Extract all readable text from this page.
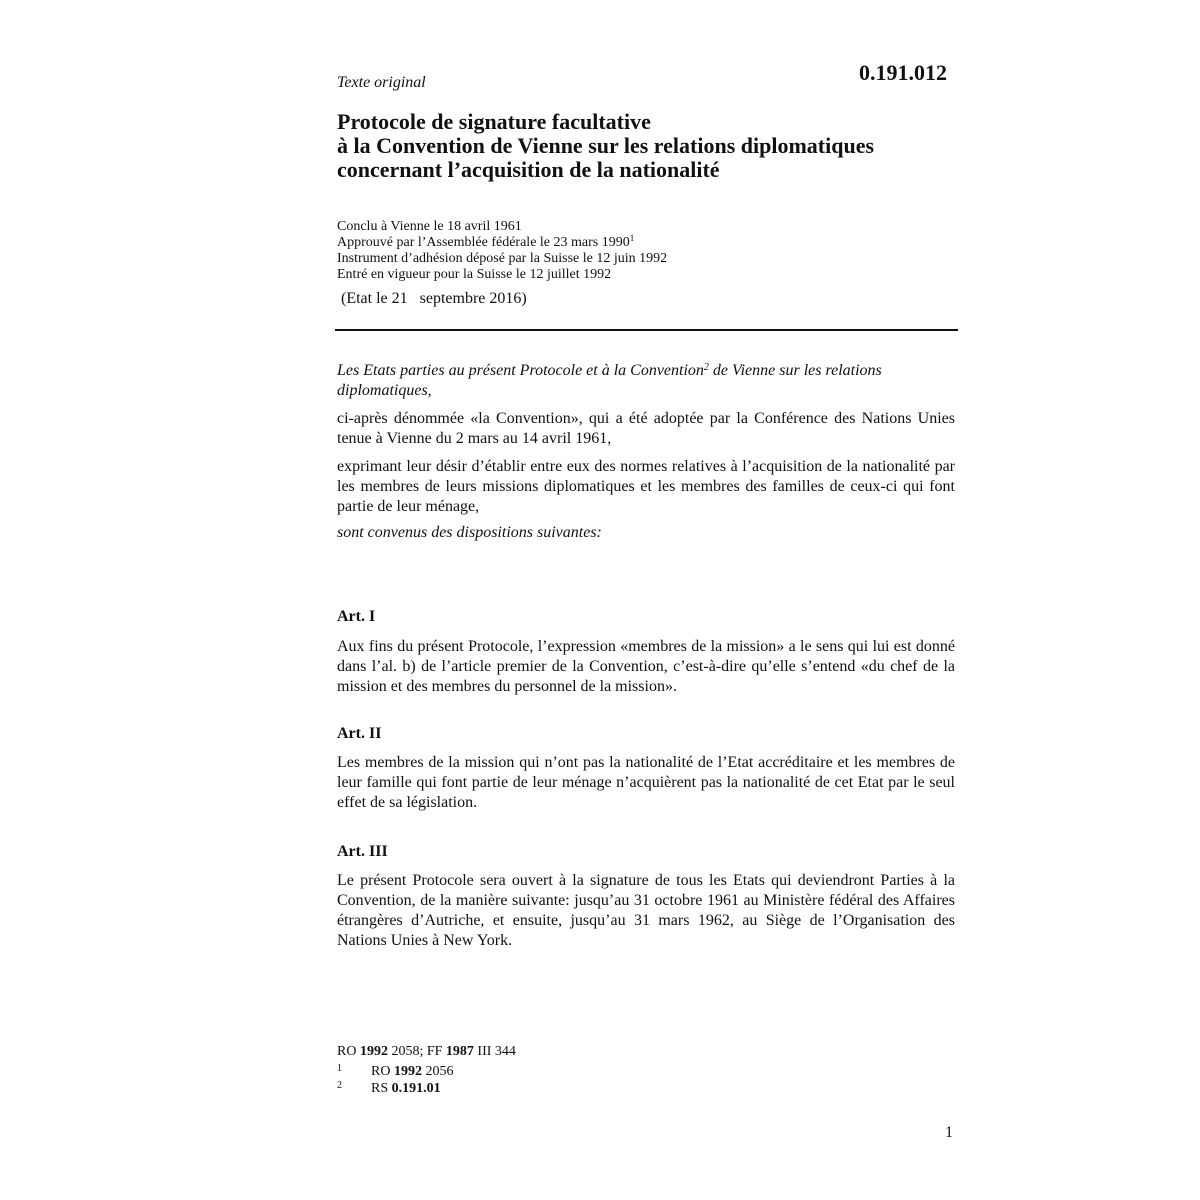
0.191.012
Texte original
Protocole de signature facultative
à la Convention de Vienne sur les relations diplomatiques
concernant l’acquisition de la nationalité
Conclu à Vienne le 18 avril 1961
Approuvé par l’Assemblée fédérale le 23 mars 1990$^1$
Instrument d’adhésion déposé par la Suisse le 12 juin 1992
Entré en vigueur pour la Suisse le 12 juillet 1992
(Etat le 21   septembre 2016)
Les Etats parties au présent Protocole et à la Convention$^2$ de Vienne sur les relations diplomatiques,
ci-après dénommée «la Convention», qui a été adoptée par la Conférence des Nations Unies tenue à Vienne du 2 mars au 14 avril 1961,
exprimant leur désir d’établir entre eux des normes relatives à l’acquisition de la nationalité par les membres de leurs missions diplomatiques et les membres des familles de ceux-ci qui font partie de leur ménage,
sont convenus des dispositions suivantes:
Art. I
Aux fins du présent Protocole, l’expression «membres de la mission» a le sens qui lui est donné dans l’al. b) de l’article premier de la Convention, c’est-à-dire qu’elle s’entend «du chef de la mission et des membres du personnel de la mission».
Art. II
Les membres de la mission qui n’ont pas la nationalité de l’Etat accréditaire et les membres de leur famille qui font partie de leur ménage n’acquièrent pas la nationalité de cet Etat par le seul effet de sa législation.
Art. III
Le présent Protocole sera ouvert à la signature de tous les Etats qui deviendront Parties à la Convention, de la manière suivante: jusqu’au 31 octobre 1961 au Ministère fédéral des Affaires étrangères d’Autriche, et ensuite, jusqu’au 31 mars 1962, au Siège de l’Organisation des Nations Unies à New York.
RO 1992 2058; FF 1987 III 344
1 RO 1992 2056
2 RS 0.191.01
1
